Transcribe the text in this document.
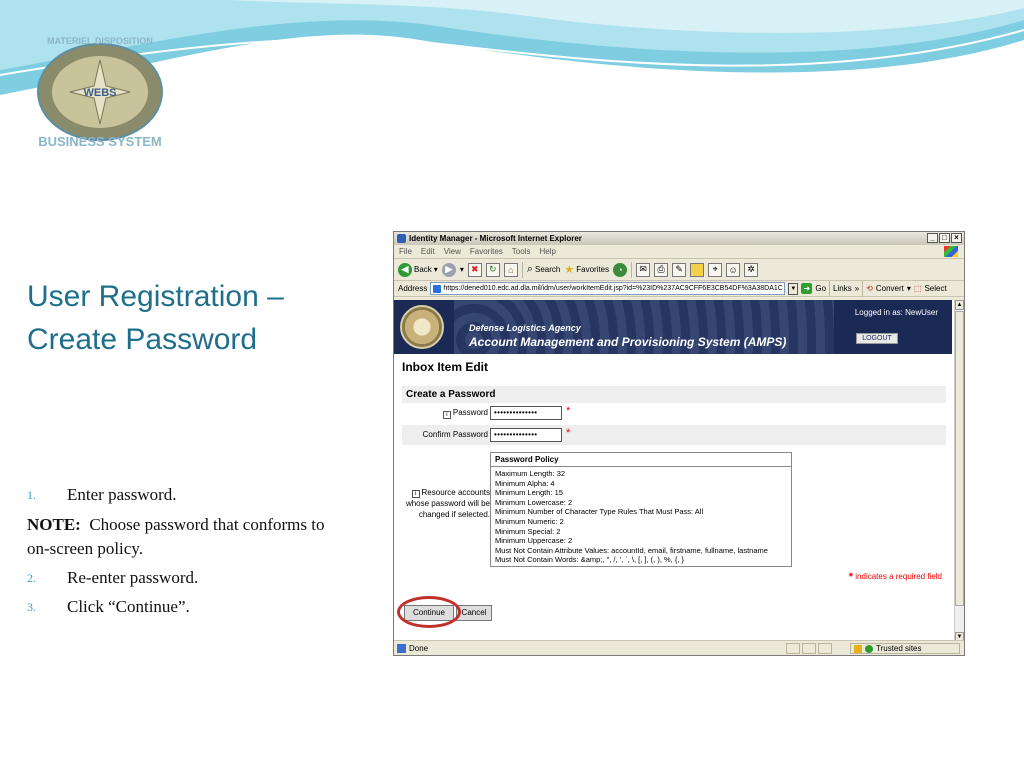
WEBS
MATERIEL DISPOSITION
BUSINESS SYSTEM
User Registration – Create Password
1. Enter password.
NOTE: Choose password that conforms to on-screen policy.
2. Re-enter password.
3. Click “Continue”.
Identity Manager - Microsoft Internet Explorer	_ □ ×
File Edit View Favorites Tools Help
◀ Back ▾ ▶ ▾ ✖	↻	⌂	⌕ Search ★ Favorites ◔	✉	⎙	✎	⌖	☺	✲
Address	https://dened010.edc.ad.dla.mil/idm/user/workItemEdit.jsp?id=%23ID%237AC9CFF6E3CB54DF%3A38DA1C	▼ ➜ Go Links » ⟲ Convert ▾ ⬚ Select
Defense Logistics Agency
Account Management and Provisioning System (AMPS)
Logged in as: NewUser
LOGOUT
Inbox Item Edit
Create a Password
i Password ••••••••••••••	*
Confirm Password ••••••••••••••	*
i Resource accounts whose password will be changed if selected.
Password Policy
Maximum Length: 32
Minimum Alpha: 4
Minimum Length: 15
Minimum Lowercase: 2
Minimum Number of Character Type Rules That Must Pass: All
Minimum Numeric: 2
Minimum Special: 2
Minimum Uppercase: 2
Must Not Contain Attribute Values: accountId, email, firstname, fullname, lastname
Must Not Contain Words: &amp;, ", /, ', `, \, [, ], (, ), %, {, }
* indicates a required field
Cancel
Continue
▲
▼
Done	Trusted sites
